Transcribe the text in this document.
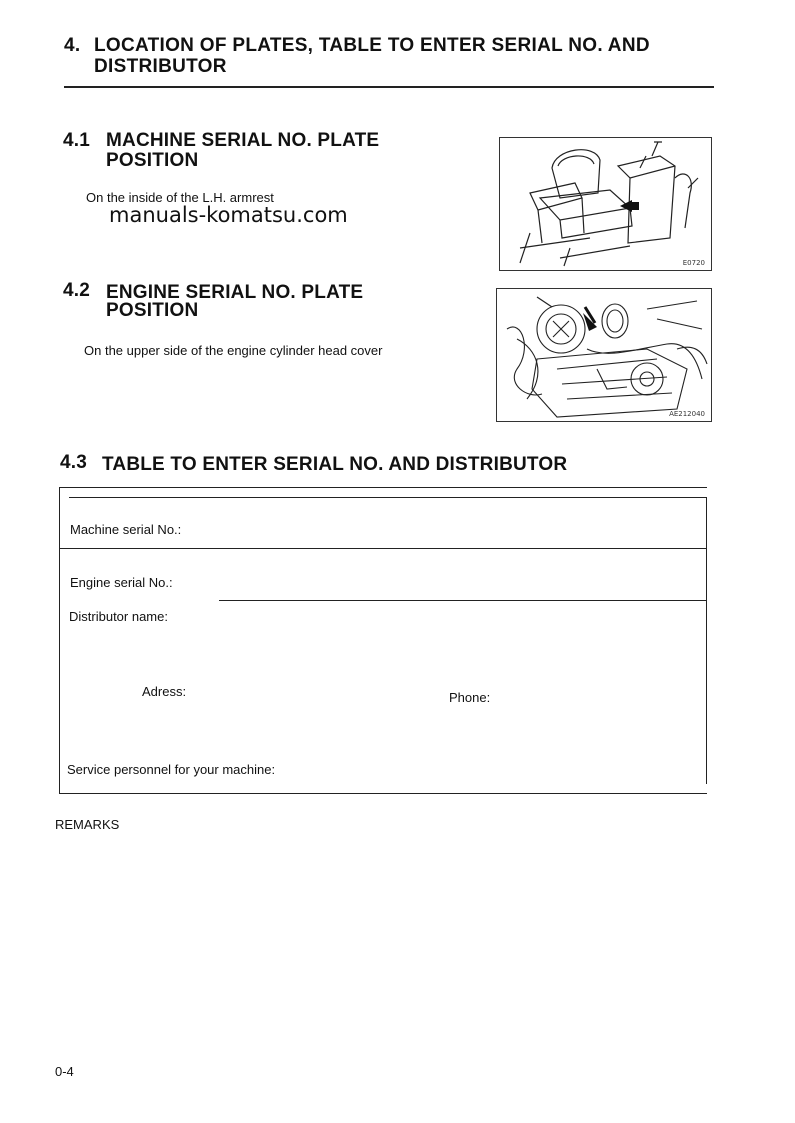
4. LOCATION OF PLATES, TABLE TO ENTER SERIAL NO. AND
DISTRIBUTOR
4.1 MACHINE SERIAL NO. PLATE
POSITION
On the inside of the L.H. armrest
manuals-komatsu.com
E0720
4.2 ENGINE SERIAL NO. PLATE
POSITION
On the upper side of the engine cylinder head cover
AE212040
4.3 TABLE TO ENTER SERIAL NO. AND DISTRIBUTOR
Machine serial No.:
Engine serial No.:
Distributor name:
Adress:	Phone:
Service personnel for your machine:
REMARKS
0-4
